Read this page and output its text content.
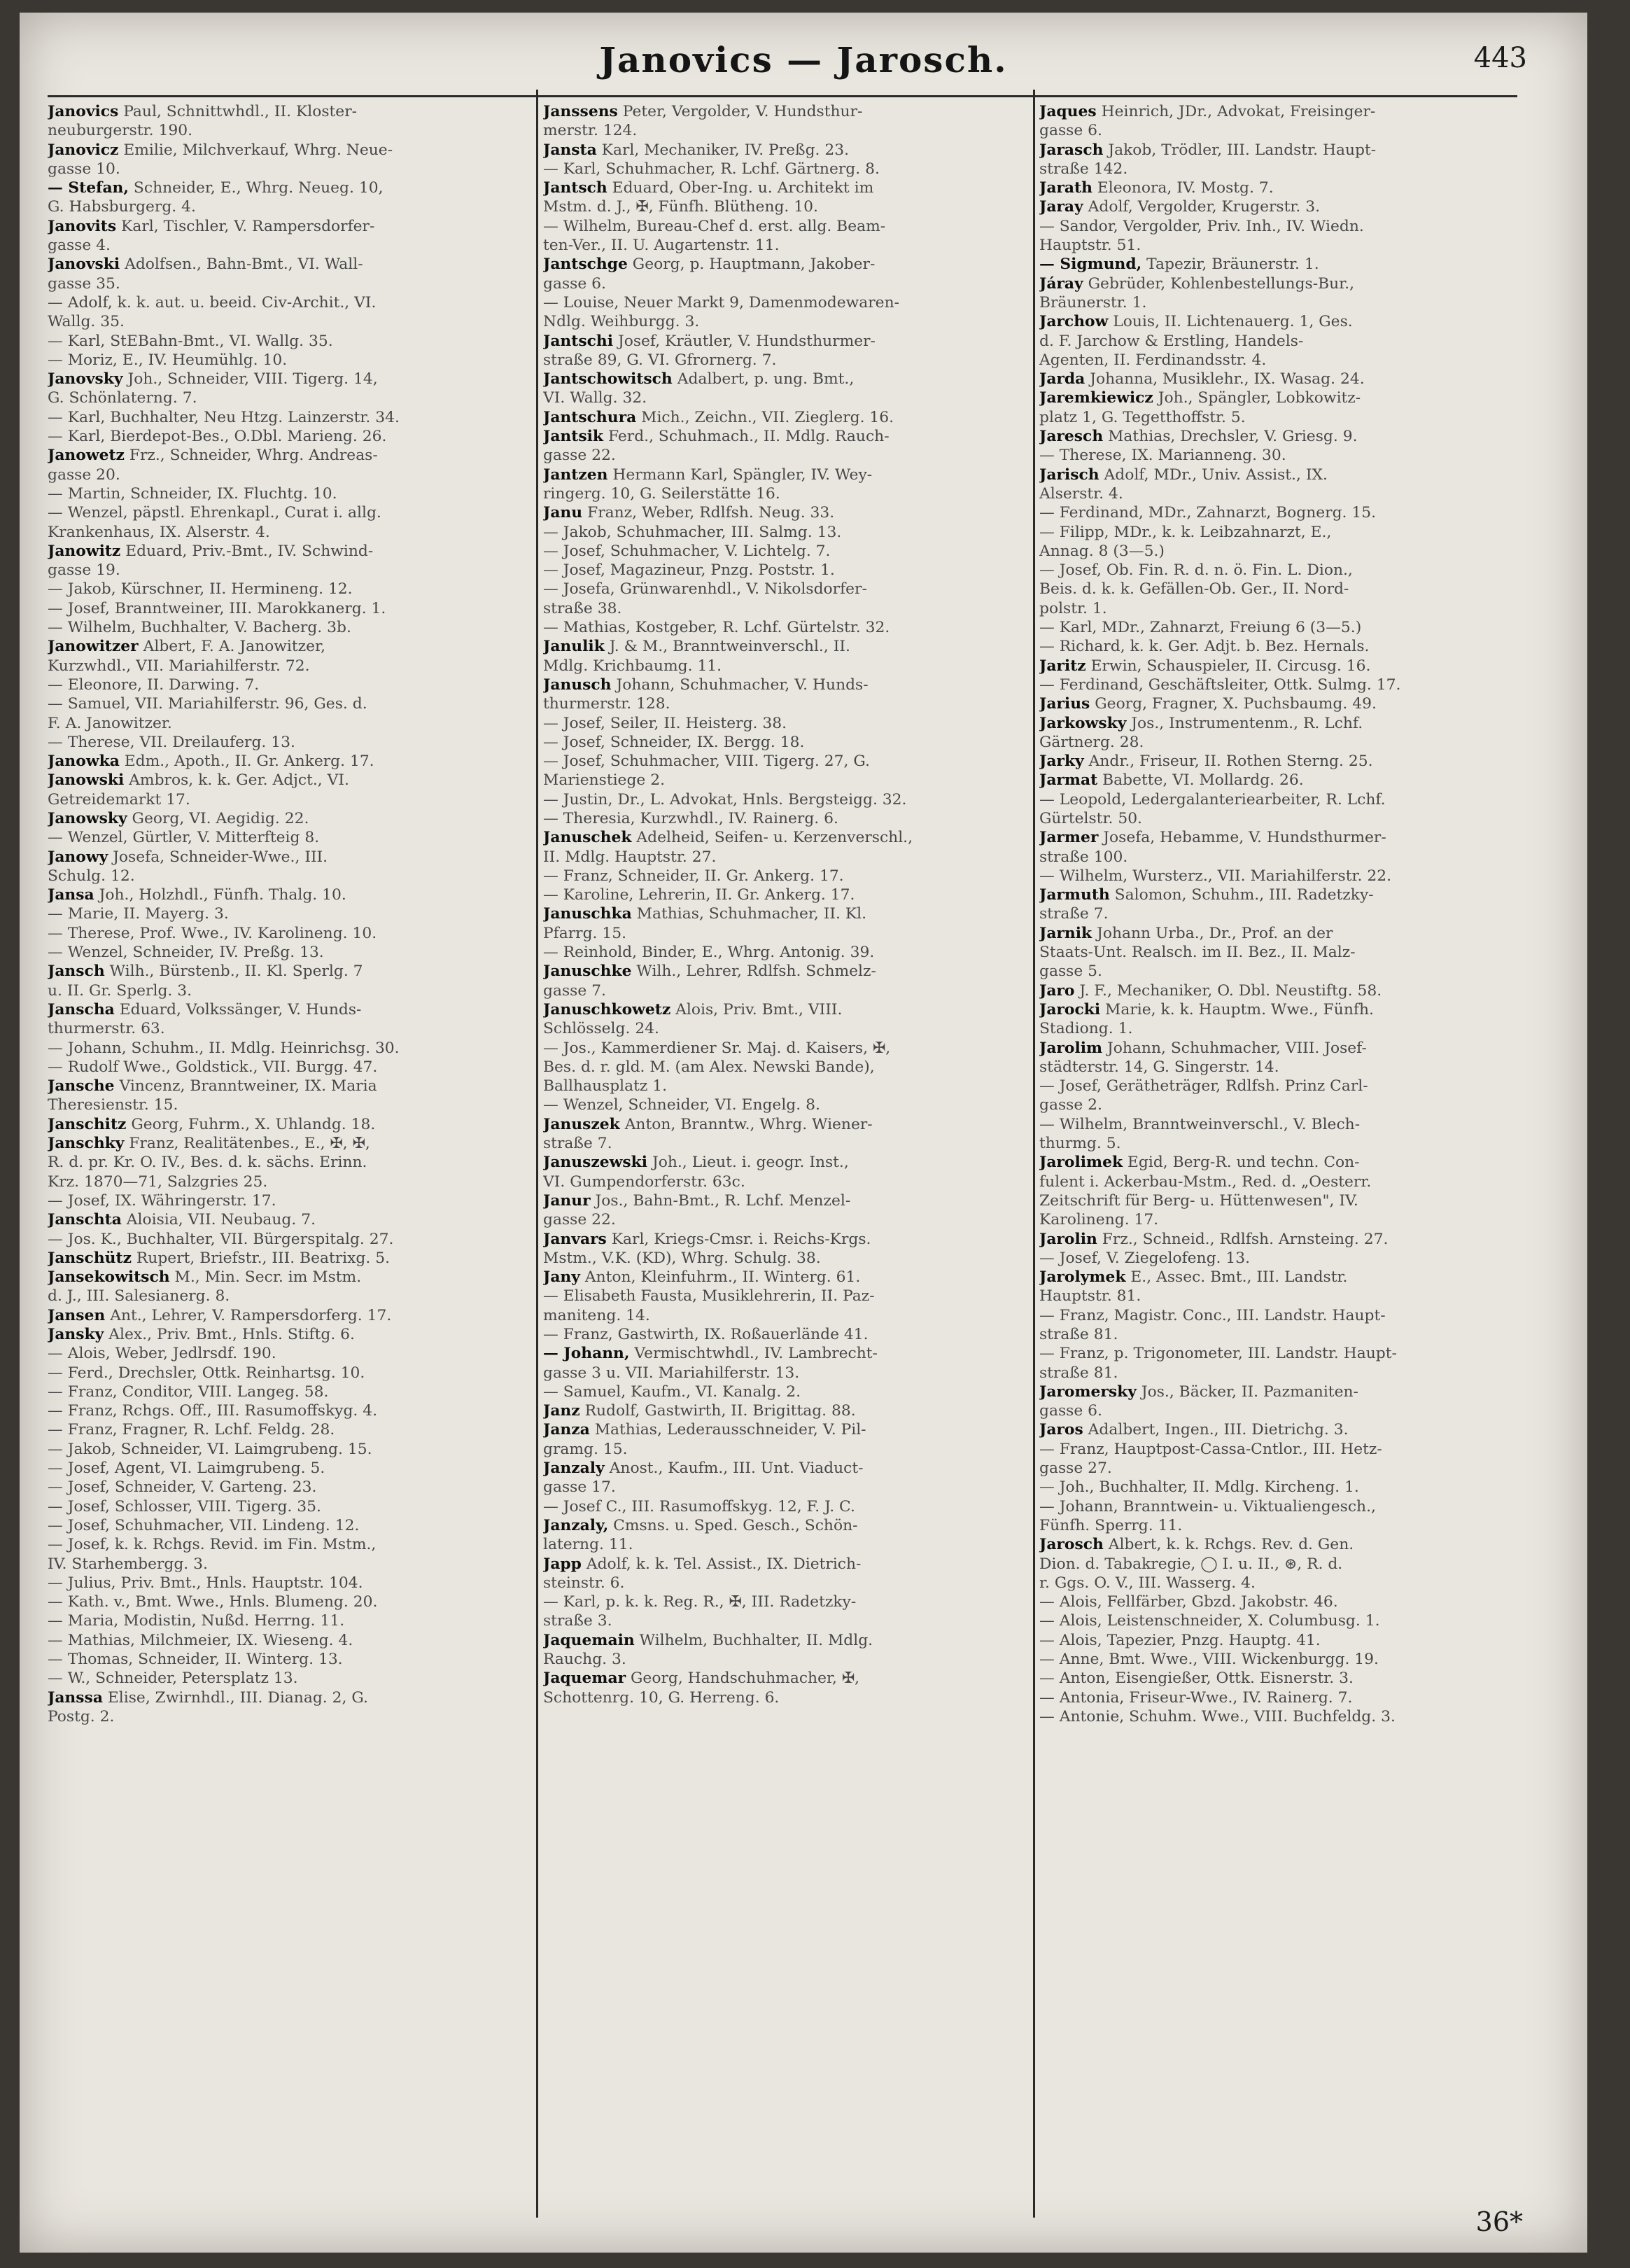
Janovics — Jarosch.	443

Janovics Paul, Schnittwhdl., II. Kloster-

neuburgerstr. 190.

Janovicz Emilie, Milchverkauf, Whrg. Neue-

gasse 10.

— Stefan, Schneider, E., Whrg. Neueg. 10,

G. Habsburgerg. 4.

Janovits Karl, Tischler, V. Rampersdorfer-

gasse 4.

Janovski Adolfsen., Bahn-Bmt., VI. Wall-

gasse 35.

— Adolf, k. k. aut. u. beeid. Civ-Archit., VI.

Wallg. 35.

— Karl, StEBahn-Bmt., VI. Wallg. 35.

— Moriz, E., IV. Heumühlg. 10.

Janovsky Joh., Schneider, VIII. Tigerg. 14,

G. Schönlaterng. 7.

— Karl, Buchhalter, Neu Htzg. Lainzerstr. 34.

— Karl, Bierdepot-Bes., O.Dbl. Marieng. 26.

Janowetz Frz., Schneider, Whrg. Andreas-

gasse 20.

— Martin, Schneider, IX. Fluchtg. 10.

— Wenzel, päpstl. Ehrenkapl., Curat i. allg.

Krankenhaus, IX. Alserstr. 4.

Janowitz Eduard, Priv.-Bmt., IV. Schwind-

gasse 19.

— Jakob, Kürschner, II. Hermineng. 12.

— Josef, Branntweiner, III. Marokkanerg. 1.

— Wilhelm, Buchhalter, V. Bacherg. 3b.

Janowitzer Albert, F. A. Janowitzer,

Kurzwhdl., VII. Mariahilferstr. 72.

— Eleonore, II. Darwing. 7.

— Samuel, VII. Mariahilferstr. 96, Ges. d.

F. A. Janowitzer.

— Therese, VII. Dreilauferg. 13.

Janowka Edm., Apoth., II. Gr. Ankerg. 17.

Janowski Ambros, k. k. Ger. Adjct., VI.

Getreidemarkt 17.

Janowsky Georg, VI. Aegidig. 22.

— Wenzel, Gürtler, V. Mitterfteig 8.

Janowy Josefa, Schneider-Wwe., III.

Schulg. 12.

Jansa Joh., Holzhdl., Fünfh. Thalg. 10.

— Marie, II. Mayerg. 3.

— Therese, Prof. Wwe., IV. Karolineng. 10.

— Wenzel, Schneider, IV. Preßg. 13.

Jansch Wilh., Bürstenb., II. Kl. Sperlg. 7

u. II. Gr. Sperlg. 3.

Janscha Eduard, Volkssänger, V. Hunds-

thurmerstr. 63.

— Johann, Schuhm., II. Mdlg. Heinrichsg. 30.

— Rudolf Wwe., Goldstick., VII. Burgg. 47.

Jansche Vincenz, Branntweiner, IX. Maria

Theresienstr. 15.

Janschitz Georg, Fuhrm., X. Uhlandg. 18.

Janschky Franz, Realitätenbes., E., ✠, ✠,

R. d. pr. Kr. O. IV., Bes. d. k. sächs. Erinn.

Krz. 1870—71, Salzgries 25.

— Josef, IX. Währingerstr. 17.

Janschta Aloisia, VII. Neubaug. 7.

— Jos. K., Buchhalter, VII. Bürgerspitalg. 27.

Janschütz Rupert, Briefstr., III. Beatrixg. 5.

Jansekowitsch M., Min. Secr. im Mstm.

d. J., III. Salesianerg. 8.

Jansen Ant., Lehrer, V. Rampersdorferg. 17.

Jansky Alex., Priv. Bmt., Hnls. Stiftg. 6.

— Alois, Weber, Jedlrsdf. 190.

— Ferd., Drechsler, Ottk. Reinhartsg. 10.

— Franz, Conditor, VIII. Langeg. 58.

— Franz, Rchgs. Off., III. Rasumoffskyg. 4.

— Franz, Fragner, R. Lchf. Feldg. 28.

— Jakob, Schneider, VI. Laimgrubeng. 15.

— Josef, Agent, VI. Laimgrubeng. 5.

— Josef, Schneider, V. Garteng. 23.

— Josef, Schlosser, VIII. Tigerg. 35.

— Josef, Schuhmacher, VII. Lindeng. 12.

— Josef, k. k. Rchgs. Revid. im Fin. Mstm.,

IV. Starhembergg. 3.

— Julius, Priv. Bmt., Hnls. Hauptstr. 104.

— Kath. v., Bmt. Wwe., Hnls. Blumeng. 20.

— Maria, Modistin, Nußd. Herrng. 11.

— Mathias, Milchmeier, IX. Wieseng. 4.

— Thomas, Schneider, II. Winterg. 13.

— W., Schneider, Petersplatz 13.

Janssa Elise, Zwirnhdl., III. Dianag. 2, G.

Postg. 2.

Janssens Peter, Vergolder, V. Hundsthur-

merstr. 124.

Jansta Karl, Mechaniker, IV. Preßg. 23.

— Karl, Schuhmacher, R. Lchf. Gärtnerg. 8.

Jantsch Eduard, Ober-Ing. u. Architekt im

Mstm. d. J., ✠, Fünfh. Blütheng. 10.

— Wilhelm, Bureau-Chef d. erst. allg. Beam-

ten-Ver., II. U. Augartenstr. 11.

Jantschge Georg, p. Hauptmann, Jakober-

gasse 6.

— Louise, Neuer Markt 9, Damenmodewaren-

Ndlg. Weihburgg. 3.

Jantschi Josef, Kräutler, V. Hundsthurmer-

straße 89, G. VI. Gfrornerg. 7.

Jantschowitsch Adalbert, p. ung. Bmt.,

VI. Wallg. 32.

Jantschura Mich., Zeichn., VII. Zieglerg. 16.

Jantsik Ferd., Schuhmach., II. Mdlg. Rauch-

gasse 22.

Jantzen Hermann Karl, Spängler, IV. Wey-

ringerg. 10, G. Seilerstätte 16.

Janu Franz, Weber, Rdlfsh. Neug. 33.

— Jakob, Schuhmacher, III. Salmg. 13.

— Josef, Schuhmacher, V. Lichtelg. 7.

— Josef, Magazineur, Pnzg. Poststr. 1.

— Josefa, Grünwarenhdl., V. Nikolsdorfer-

straße 38.

— Mathias, Kostgeber, R. Lchf. Gürtelstr. 32.

Janulik J. & M., Branntweinverschl., II.

Mdlg. Krichbaumg. 11.

Janusch Johann, Schuhmacher, V. Hunds-

thurmerstr. 128.

— Josef, Seiler, II. Heisterg. 38.

— Josef, Schneider, IX. Bergg. 18.

— Josef, Schuhmacher, VIII. Tigerg. 27, G.

Marienstiege 2.

— Justin, Dr., L. Advokat, Hnls. Bergsteigg. 32.

— Theresia, Kurzwhdl., IV. Rainerg. 6.

Januschek Adelheid, Seifen- u. Kerzenverschl.,

II. Mdlg. Hauptstr. 27.

— Franz, Schneider, II. Gr. Ankerg. 17.

— Karoline, Lehrerin, II. Gr. Ankerg. 17.

Januschka Mathias, Schuhmacher, II. Kl.

Pfarrg. 15.

— Reinhold, Binder, E., Whrg. Antonig. 39.

Januschke Wilh., Lehrer, Rdlfsh. Schmelz-

gasse 7.

Januschkowetz Alois, Priv. Bmt., VIII.

Schlösselg. 24.

— Jos., Kammerdiener Sr. Maj. d. Kaisers, ✠,

Bes. d. r. gld. M. (am Alex. Newski Bande),

Ballhausplatz 1.

— Wenzel, Schneider, VI. Engelg. 8.

Januszek Anton, Branntw., Whrg. Wiener-

straße 7.

Januszewski Joh., Lieut. i. geogr. Inst.,

VI. Gumpendorferstr. 63c.

Janur Jos., Bahn-Bmt., R. Lchf. Menzel-

gasse 22.

Janvars Karl, Kriegs-Cmsr. i. Reichs-Krgs.

Mstm., V.K. (KD), Whrg. Schulg. 38.

Jany Anton, Kleinfuhrm., II. Winterg. 61.

— Elisabeth Fausta, Musiklehrerin, II. Paz-

maniteng. 14.

— Franz, Gastwirth, IX. Roßauerlände 41.

— Johann, Vermischtwhdl., IV. Lambrecht-

gasse 3 u. VII. Mariahilferstr. 13.

— Samuel, Kaufm., VI. Kanalg. 2.

Janz Rudolf, Gastwirth, II. Brigittag. 88.

Janza Mathias, Lederausschneider, V. Pil-

gramg. 15.

Janzaly Anost., Kaufm., III. Unt. Viaduct-

gasse 17.

— Josef C., III. Rasumoffskyg. 12, F. J. C.

Janzaly, Cmsns. u. Sped. Gesch., Schön-

laterng. 11.

Japp Adolf, k. k. Tel. Assist., IX. Dietrich-

steinstr. 6.

— Karl, p. k. k. Reg. R., ✠, III. Radetzky-

straße 3.

Jaquemain Wilhelm, Buchhalter, II. Mdlg.

Rauchg. 3.

Jaquemar Georg, Handschuhmacher, ✠,

Schottenrg. 10, G. Herreng. 6.

Jaques Heinrich, JDr., Advokat, Freisinger-

gasse 6.

Jarasch Jakob, Trödler, III. Landstr. Haupt-

straße 142.

Jarath Eleonora, IV. Mostg. 7.

Jaray Adolf, Vergolder, Krugerstr. 3.

— Sandor, Vergolder, Priv. Inh., IV. Wiedn.

Hauptstr. 51.

— Sigmund, Tapezir, Bräunerstr. 1.

Járay Gebrüder, Kohlenbestellungs-Bur.,

Bräunerstr. 1.

Jarchow Louis, II. Lichtenauerg. 1, Ges.

d. F. Jarchow & Erstling, Handels-

Agenten, II. Ferdinandsstr. 4.

Jarda Johanna, Musiklehr., IX. Wasag. 24.

Jaremkiewicz Joh., Spängler, Lobkowitz-

platz 1, G. Tegetthoffstr. 5.

Jaresch Mathias, Drechsler, V. Griesg. 9.

— Therese, IX. Marianneng. 30.

Jarisch Adolf, MDr., Univ. Assist., IX.

Alserstr. 4.

— Ferdinand, MDr., Zahnarzt, Bognerg. 15.

— Filipp, MDr., k. k. Leibzahnarzt, E.,

Annag. 8 (3—5.)

— Josef, Ob. Fin. R. d. n. ö. Fin. L. Dion.,

Beis. d. k. k. Gefällen-Ob. Ger., II. Nord-

polstr. 1.

— Karl, MDr., Zahnarzt, Freiung 6 (3—5.)

— Richard, k. k. Ger. Adjt. b. Bez. Hernals.

Jaritz Erwin, Schauspieler, II. Circusg. 16.

— Ferdinand, Geschäftsleiter, Ottk. Sulmg. 17.

Jarius Georg, Fragner, X. Puchsbaumg. 49.

Jarkowsky Jos., Instrumentenm., R. Lchf.

Gärtnerg. 28.

Jarky Andr., Friseur, II. Rothen Sterng. 25.

Jarmat Babette, VI. Mollardg. 26.

— Leopold, Ledergalanteriearbeiter, R. Lchf.

Gürtelstr. 50.

Jarmer Josefa, Hebamme, V. Hundsthurmer-

straße 100.

— Wilhelm, Wursterz., VII. Mariahilferstr. 22.

Jarmuth Salomon, Schuhm., III. Radetzky-

straße 7.

Jarnik Johann Urba., Dr., Prof. an der

Staats-Unt. Realsch. im II. Bez., II. Malz-

gasse 5.

Jaro J. F., Mechaniker, O. Dbl. Neustiftg. 58.

Jarocki Marie, k. k. Hauptm. Wwe., Fünfh.

Stadiong. 1.

Jarolim Johann, Schuhmacher, VIII. Josef-

städterstr. 14, G. Singerstr. 14.

— Josef, Gerätheträger, Rdlfsh. Prinz Carl-

gasse 2.

— Wilhelm, Branntweinverschl., V. Blech-

thurmg. 5.

Jarolimek Egid, Berg-R. und techn. Con-

fulent i. Ackerbau-Mstm., Red. d. „Oesterr.

Zeitschrift für Berg- u. Hüttenwesen", IV.

Karolineng. 17.

Jarolin Frz., Schneid., Rdlfsh. Arnsteing. 27.

— Josef, V. Ziegelofeng. 13.

Jarolymek E., Assec. Bmt., III. Landstr.

Hauptstr. 81.

— Franz, Magistr. Conc., III. Landstr. Haupt-

straße 81.

— Franz, p. Trigonometer, III. Landstr. Haupt-

straße 81.

Jaromersky Jos., Bäcker, II. Pazmaniten-

gasse 6.

Jaros Adalbert, Ingen., III. Dietrichg. 3.

— Franz, Hauptpost-Cassa-Cntlor., III. Hetz-

gasse 27.

— Joh., Buchhalter, II. Mdlg. Kircheng. 1.

— Johann, Branntwein- u. Viktualiengesch.,

Fünfh. Sperrg. 11.

Jarosch Albert, k. k. Rchgs. Rev. d. Gen.

Dion. d. Tabakregie, ◯ I. u. II., ⊛, R. d.

r. Ggs. O. V., III. Wasserg. 4.

— Alois, Fellfärber, Gbzd. Jakobstr. 46.

— Alois, Leistenschneider, X. Columbusg. 1.

— Alois, Tapezier, Pnzg. Hauptg. 41.

— Anne, Bmt. Wwe., VIII. Wickenburgg. 19.

— Anton, Eisengießer, Ottk. Eisnerstr. 3.

— Antonia, Friseur-Wwe., IV. Rainerg. 7.

— Antonie, Schuhm. Wwe., VIII. Buchfeldg. 3.

36*
